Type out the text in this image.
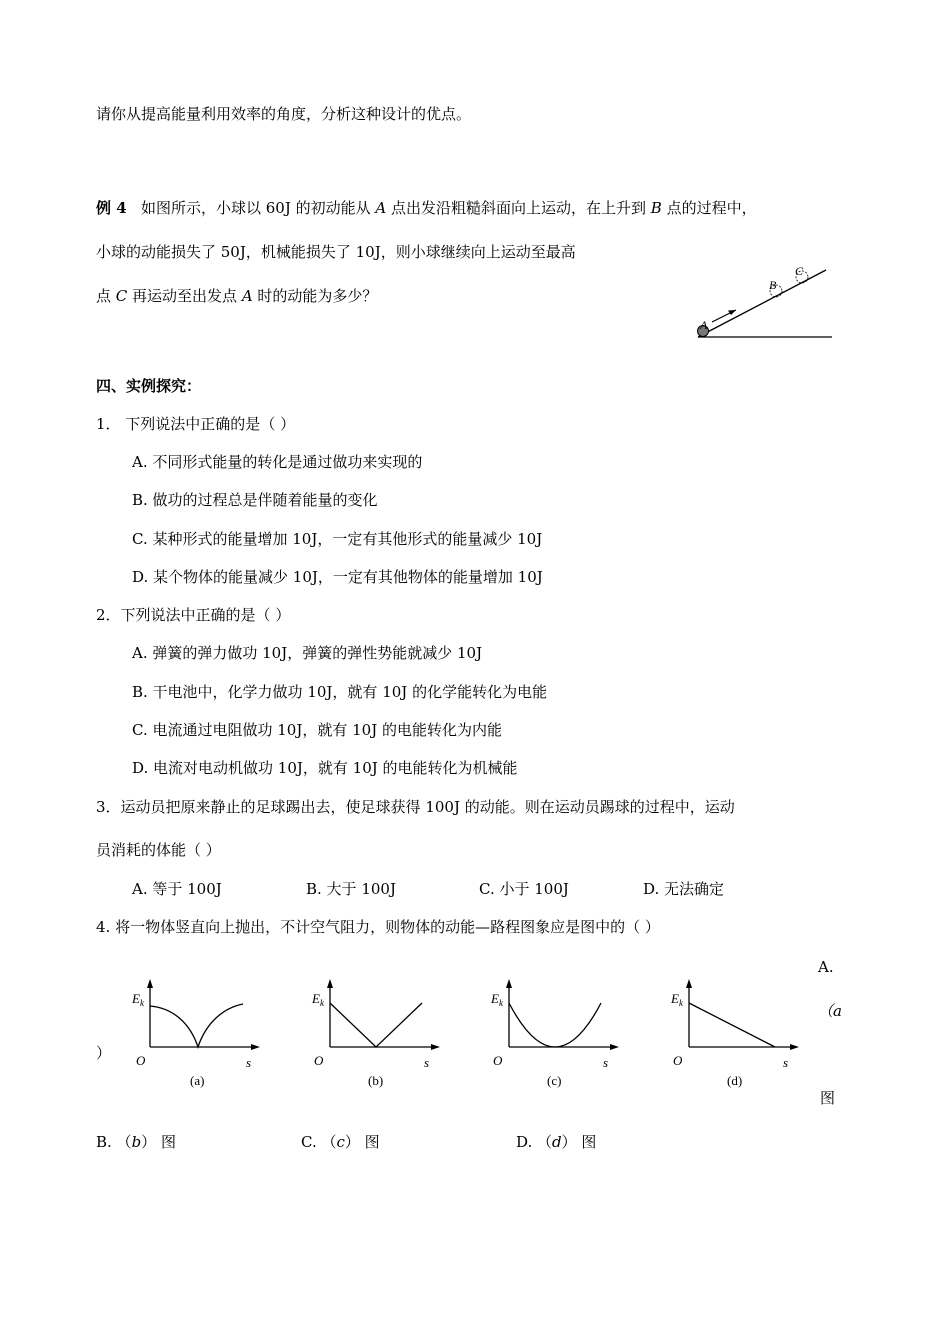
请你从提高能量利用效率的角度，分析这种设计的优点。
例 4 如图所示，小球以 60J 的初动能从 A 点出发沿粗糙斜面向上运动，在上升到 B 点的过程中，
小球的动能损失了 50J，机械能损失了 10J，则小球继续向上运动至最高
点 C 再运动至出发点 A 时的动能为多少？
A
B
C
四、实例探究：
1． 下列说法中正确的是（ ）
A. 不同形式能量的转化是通过做功来实现的
B. 做功的过程总是伴随着能量的变化
C. 某种形式的能量增加 10J，一定有其他形式的能量减少 10J
D. 某个物体的能量减少 10J，一定有其他物体的能量增加 10J
2．下列说法中正确的是（ ）
A. 弹簧的弹力做功 10J，弹簧的弹性势能就减少 10J
B. 干电池中，化学力做功 10J，就有 10J 的化学能转化为电能
C. 电流通过电阻做功 10J，就有 10J 的电能转化为内能
D. 电流对电动机做功 10J，就有 10J 的电能转化为机械能
3．运动员把原来静止的足球踢出去，使足球获得 100J 的动能。则在运动员踢球的过程中，运动
员消耗的体能（ ）
A. 等于 100J	B. 大于 100J	C. 小于 100J	D. 无法确定
4. 将一物体竖直向上抛出，不计空气阻力，则物体的动能—路程图象应是图中的（ ）
A.
（a
）
图
$E_k$
O	s
(a)
$E_k$
O	s
(b)
$E_k$
O	s
(c)
$E_k$
O	s
(d)
B. （b） 图	C. （c） 图	D. （d） 图
